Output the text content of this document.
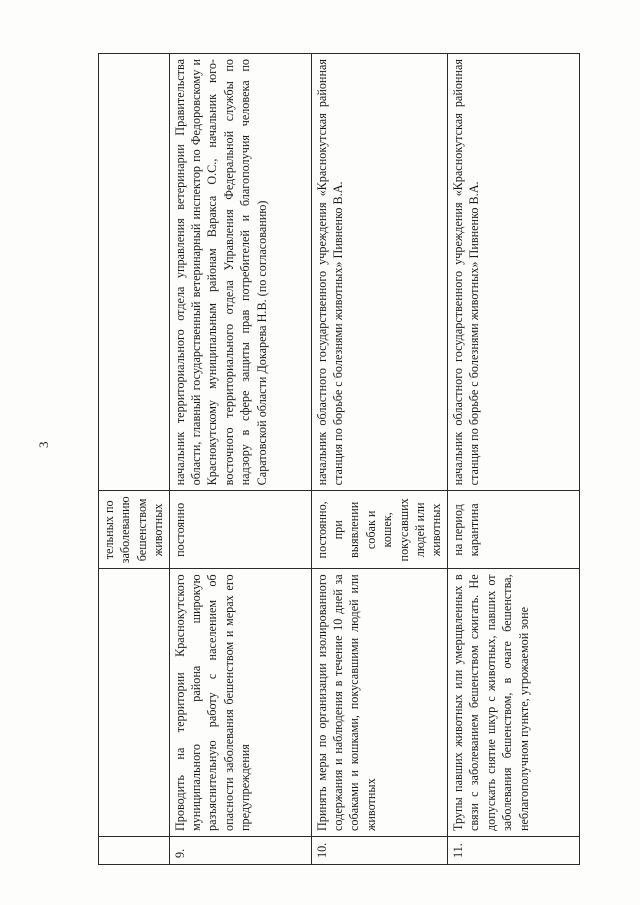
3
		тельных по заболеванию бешенством животных	
9.	Проводить на территории Краснокутского муниципального района широкую разъяснительную работу с населением об опасности заболевания бешенством и мерах его предупреждения	постоянно	начальник территориального отдела управления ветеринарии Правительства области, главный государственный ветеринарный инспектор по Федоровскому и Краснокутскому муниципальным районам Варакса О.С., начальник юго-восточного территориального отдела Управления Федеральной службы по надзору в сфере защиты прав потребителей и благополучия человека по Саратовской области Докарева Н.В. (по согласованию)
10.	Принять меры по организации изолированного содержания и наблюдения в течение 10 дней за собаками и кошками, покусавшими людей или животных	постоянно, при выявлении собак и кошек, покусавших людей или животных	начальник областного государственного учреждения «Краснокутская районная станция по борьбе с болезнями животных» Пивненко В.А.
11.	Трупы павших животных или умерщвленных в связи с заболеванием бешенством сжигать. Не допускать снятие шкур с животных, павших от заболевания бешенством, в очаге бешенства, неблагополучном пункте, угрожаемой зоне	на период карантина	начальник областного государственного учреждения «Краснокутская районная станция по борьбе с болезнями животных» Пивненко В.А.
